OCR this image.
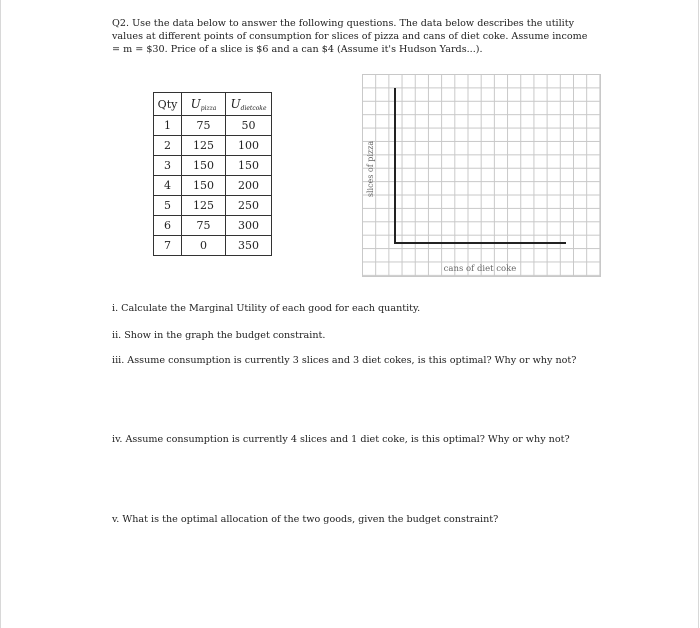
Q2. Use the data below to answer the following questions. The data below describes the utility values at different points of consumption for slices of pizza and cans of diet coke. Assume income = m = $30. Price of a slice is $6 and a can $4 (Assume it's Hudson Yards...).

Qty	$U_{pizza}$	$U_{dietcoke}$
1	75	50
2	125	100
3	150	150
4	150	200
5	125	250
6	75	300
7	0	350
slices of pizza
cans of diet coke

i. Calculate the Marginal Utility of each good for each quantity.

ii. Show in the graph the budget constraint.

iii. Assume consumption is currently 3 slices and 3 diet cokes, is this optimal? Why or why not?

iv. Assume consumption is currently 4 slices and 1 diet coke, is this optimal? Why or why not?

v. What is the optimal allocation of the two goods, given the budget constraint?
